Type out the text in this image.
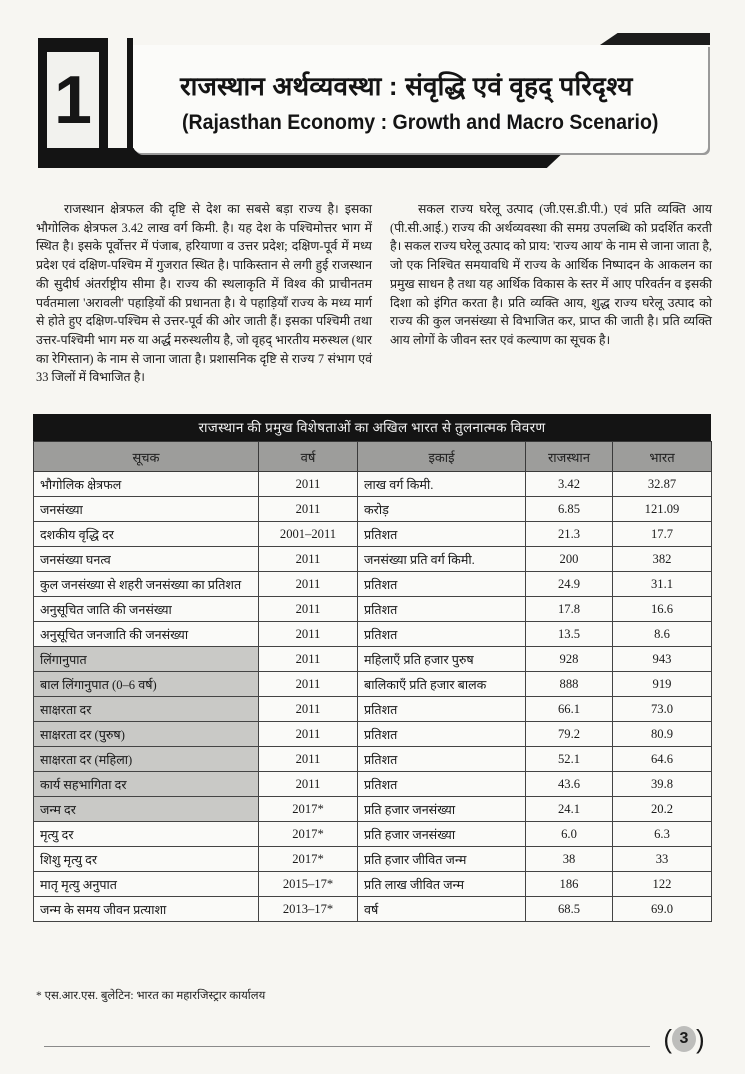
1	राजस्थान अर्थव्यवस्था : संवृद्धि एवं वृहद् परिदृश्य
(Rajasthan Economy : Growth and Macro Scenario)

राजस्थान क्षेत्रफल की दृष्टि से देश का सबसे बड़ा राज्य है। इसका भौगोलिक क्षेत्रफल 3.42 लाख वर्ग किमी. है। यह देश के पश्चिमोत्तर भाग में स्थित है। इसके पूर्वोत्तर में पंजाब, हरियाणा व उत्तर प्रदेश; दक्षिण-पूर्व में मध्य प्रदेश एवं दक्षिण-पश्चिम में गुजरात स्थित है। पाकिस्तान से लगी हुई राजस्थान की सुदीर्घ अंतर्राष्ट्रीय सीमा है। राज्य की स्थलाकृति में विश्व की प्राचीनतम पर्वतमाला 'अरावली' पहाड़ियों की प्रधानता है। ये पहाड़ियाँ राज्य के मध्य मार्ग से होते हुए दक्षिण-पश्चिम से उत्तर-पूर्व की ओर जाती हैं। इसका पश्चिमी तथा उत्तर-पश्चिमी भाग मरु या अर्द्ध मरुस्थलीय है, जो वृहद् भारतीय मरुस्थल (थार का रेगिस्तान) के नाम से जाना जाता है। प्रशासनिक दृष्टि से राज्य 7 संभाग एवं 33 जिलों में विभाजित है।

सकल राज्य घरेलू उत्पाद (जी.एस.डी.पी.) एवं प्रति व्यक्ति आय (पी.सी.आई.) राज्य की अर्थव्यवस्था की समग्र उपलब्धि को प्रदर्शित करती है। सकल राज्य घरेलू उत्पाद को प्राय: 'राज्य आय' के नाम से जाना जाता है, जो एक निश्चित समयावधि में राज्य के आर्थिक निष्पादन के आकलन का प्रमुख साधन है तथा यह आर्थिक विकास के स्तर में आए परिवर्तन व इसकी दिशा को इंगित करता है। प्रति व्यक्ति आय, शुद्ध राज्य घरेलू उत्पाद को राज्य की कुल जनसंख्या से विभाजित कर, प्राप्त की जाती है। प्रति व्यक्ति आय लोगों के जीवन स्तर एवं कल्याण का सूचक है।

राजस्थान की प्रमुख विशेषताओं का अखिल भारत से तुलनात्मक विवरण
सूचक	वर्ष	इकाई	राजस्थान	भारत
भौगोलिक क्षेत्रफल	2011	लाख वर्ग किमी.	3.42	32.87
जनसंख्या	2011	करोड़	6.85	121.09
दशकीय वृद्धि दर	2001–2011	प्रतिशत	21.3	17.7
जनसंख्या घनत्व	2011	जनसंख्या प्रति वर्ग किमी.	200	382
कुल जनसंख्या से शहरी जनसंख्या का प्रतिशत	2011	प्रतिशत	24.9	31.1
अनुसूचित जाति की जनसंख्या	2011	प्रतिशत	17.8	16.6
अनुसूचित जनजाति की जनसंख्या	2011	प्रतिशत	13.5	8.6
लिंगानुपात	2011	महिलाएँ प्रति हजार पुरुष	928	943
बाल लिंगानुपात (0–6 वर्ष)	2011	बालिकाएँ प्रति हजार बालक	888	919
साक्षरता दर	2011	प्रतिशत	66.1	73.0
साक्षरता दर (पुरुष)	2011	प्रतिशत	79.2	80.9
साक्षरता दर (महिला)	2011	प्रतिशत	52.1	64.6
कार्य सहभागिता दर	2011	प्रतिशत	43.6	39.8
जन्म दर	2017*	प्रति हजार जनसंख्या	24.1	20.2
मृत्यु दर	2017*	प्रति हजार जनसंख्या	6.0	6.3
शिशु मृत्यु दर	2017*	प्रति हजार जीवित जन्म	38	33
मातृ मृत्यु अनुपात	2015–17*	प्रति लाख जीवित जन्म	186	122
जन्म के समय जीवन प्रत्याशा	2013–17*	वर्ष	68.5	69.0
* एस.आर.एस. बुलेटिन: भारत का महारजिस्ट्रार कार्यालय
( 3 )
